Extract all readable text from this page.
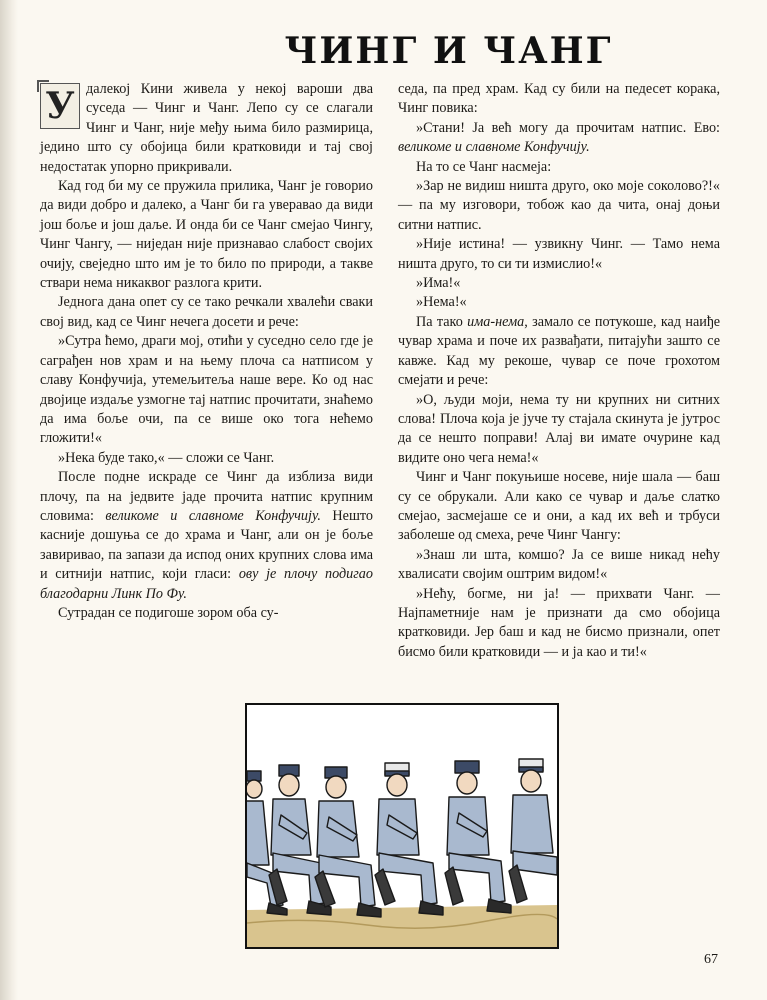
ЧИНГ И ЧАНГ

У далекој Кини живела у некој вароши два суседа — Чинг и Чанг. Лепо су се слагали Чинг и Чанг, није међу њима било размирица, једино што су обојица били кратковиди и тај свој недостатак упорно прикривали.

Кад год би му се пружила прилика, Чанг је говорио да види добро и далеко, а Чанг би га уверавао да види још боље и још даље. И онда би се Чанг смејао Чингу, Чинг Чангу, — ниједан није признавао слабост својих очију, свеједно што им је то било по природи, а такве ствари нема никаквог разлога крити.

Једнога дана опет су се тако речкали хвалећи сваки свој вид, кад се Чинг нечега досети и рече:

»Сутра ћемо, драги мој, отићи у суседно село где је саграђен нов храм и на њему плоча са натписом у славу Конфучија, утемељитеља наше вере. Ко од нас двојице издаље узмогне тај натпис прочитати, знаћемо да има боље очи, па се више око тога нећемо гложити!«

»Нека буде тако,« — сложи се Чанг.

После подне искраде се Чинг да изблиза види плочу, па на једвите јаде прочита натпис крупним словима: великоме и славноме Конфучију. Нешто касније дошуња се до храма и Чанг, али он је боље завиривао, па запази да испод оних крупних слова има и ситнији натпис, који гласи: ову је плочу подигао благодарни Линк По Фу.

Сутрадан се подигоше зором оба су-

седа, па пред храм. Кад су били на педесет корака, Чинг повика:

»Стани! Ја већ могу да прочитам натпис. Ево: великоме и славноме Конфучију.

На то се Чанг насмеја:

»Зар не видиш ништа друго, око моје соколово?!« — па му изговори, тобож као да чита, онај доњи ситни натпис.

»Није истина! — узвикну Чинг. — Тамо нема ништа друго, то си ти измислио!«

»Има!«

»Нема!«

Па тако има-нема, замало се потукоше, кад наиђе чувар храма и поче их развађати, питајући зашто се кавже. Кад му рекоше, чувар се поче грохотом смејати и рече:

»О, људи моји, нема ту ни крупних ни ситних слова! Плоча која је јуче ту стајала скинута је јутрос да се нешто поправи! Алај ви имате очурине кад видите оно чега нема!«

Чинг и Чанг покуњише носеве, није шала — баш су се обрукали. Али како се чувар и даље слатко смејао, засмејаше се и они, а кад их већ и трбуси заболеше од смеха, рече Чинг Чангу:

»Знаш ли шта, комшо? Ја се више никад нећу хвалисати својим оштрим видом!«

»Нећу, богме, ни ја! — прихвати Чанг. — Најпаметније нам је признати да смо обојица кратковиди. Јер баш и кад не бисмо признали, опет бисмо били кратковиди — и ја као и ти!«

67
